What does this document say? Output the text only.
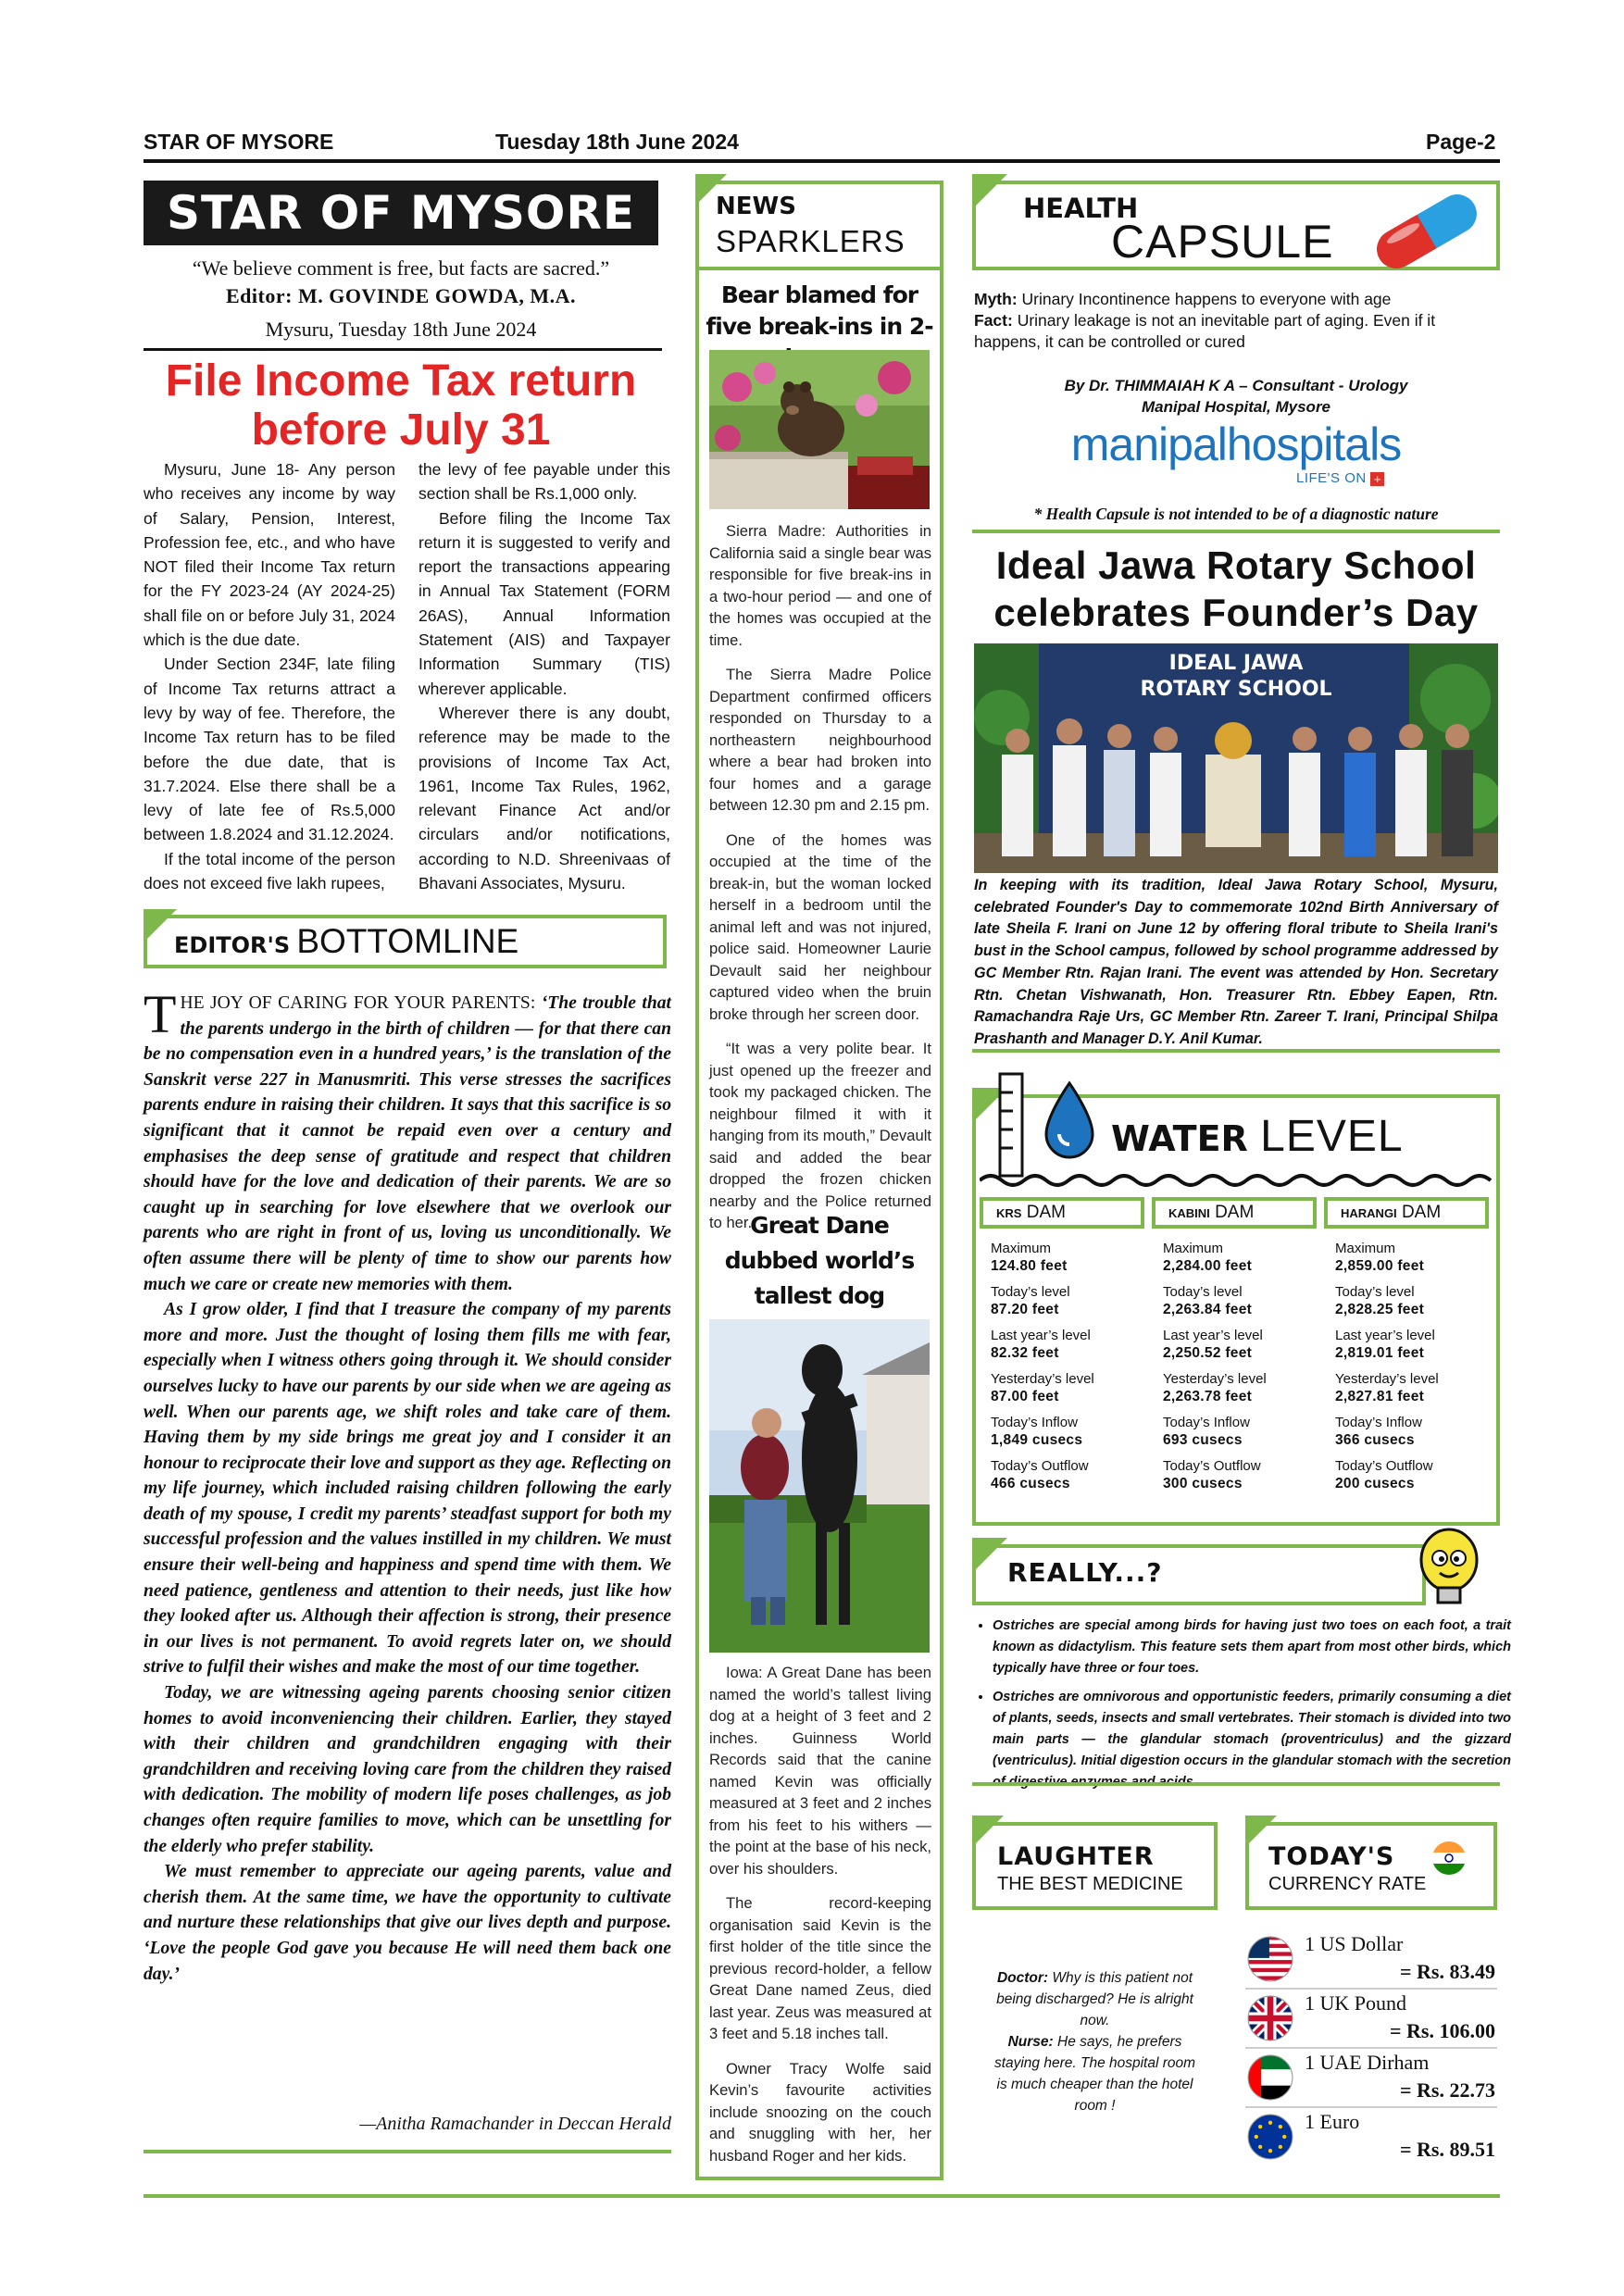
STAR OF MYSORE	Tuesday 18th June 2024	Page-2
STAR OF MYSORE
“We believe comment is free, but facts are sacred.”
Editor: M. GOVINDE GOWDA, M.A.
Mysuru, Tuesday 18th June 2024
File Income Tax return before July 31

Mysuru, June 18- Any person who receives any income by way of Salary, Pension, Interest, Profession fee, etc., and who have NOT filed their Income Tax return for the FY 2023-24 (AY 2024-25) shall file on or before July 31, 2024 which is the due date.

Under Section 234F, late filing of Income Tax returns attract a levy by way of fee. Therefore, the Income Tax return has to be filed before the due date, that is 31.7.2024. Else there shall be a levy of late fee of Rs.5,000 between 1.8.2024 and 31.12.2024.

If the total income of the person does not exceed five lakh rupees,

the levy of fee payable under this section shall be Rs.1,000 only.

Before filing the Income Tax return it is suggested to verify and report the transactions appearing in Annual Tax Statement (FORM 26AS), Annual Information Statement (AIS) and Taxpayer Information Summary (TIS) wherever applicable.

Wherever there is any doubt, reference may be made to the provisions of Income Tax Act, 1961, Income Tax Rules, 1962, relevant Finance Act and/or circulars and/or notifications, according to N.D. Shreenivaas of Bhavani Associates, Mysuru.

EDITOR'S BOTTOMLINE

THE JOY OF CARING FOR YOUR PARENTS: ‘The trouble that the parents undergo in the birth of children — for that there can be no compensation even in a hundred years,’ is the translation of the Sanskrit verse 227 in Manusmriti. This verse stresses the sacrifices parents endure in raising their children. It says that this sacrifice is so significant that it cannot be repaid even over a century and emphasises the deep sense of gratitude and respect that children should have for the love and dedication of their parents. We are so caught up in searching for love elsewhere that we overlook our parents who are right in front of us, loving us unconditionally. We often assume there will be plenty of time to show our parents how much we care or create new memories with them.

As I grow older, I find that I treasure the company of my parents more and more. Just the thought of losing them fills me with fear, especially when I witness others going through it. We should consider ourselves lucky to have our parents by our side when we are ageing as well. When our parents age, we shift roles and take care of them. Having them by my side brings me great joy and I consider it an honour to reciprocate their love and support as they age. Reflecting on my life journey, which included raising children following the early death of my spouse, I credit my parents’ steadfast support for both my successful profession and the values instilled in my children. We must ensure their well-being and happiness and spend time with them. We need patience, gentleness and attention to their needs, just like how they looked after us. Although their affection is strong, their presence in our lives is not permanent. To avoid regrets later on, we should strive to fulfil their wishes and make the most of our time together.

Today, we are witnessing ageing parents choosing senior citizen homes to avoid inconveniencing their children. Earlier, they stayed with their children and grandchildren engaging with their grandchildren and receiving loving care from the children they raised with dedication. The mobility of modern life poses challenges, as job changes often require families to move, which can be unsettling for the elderly who prefer stability.

We must remember to appreciate our ageing parents, value and cherish them. At the same time, we have the opportunity to cultivate and nurture these relationships that give our lives depth and purpose. ‘Love the people God gave you because He will need them back one day.’

—Anitha Ramachander in Deccan Herald
NEWS
SPARKLERS
Bear blamed for five break-ins in 2-

Sierra Madre: Authorities in California said a single bear was responsible for five break-ins in a two-hour period — and one of the homes was occupied at the time.

The Sierra Madre Police Department confirmed officers responded on Thursday to a northeastern neighbourhood where a bear had broken into four homes and a garage between 12.30 pm and 2.15 pm.

One of the homes was occupied at the time of the break-in, but the woman locked herself in a bedroom until the animal left and was not injured, police said. Homeowner Laurie Devault said her neighbour captured video when the bruin broke through her screen door.

“It was a very polite bear. It just opened up the freezer and took my packaged chicken. The neighbour filmed it with it hanging from its mouth,” Devault said and added the bear dropped the frozen chicken nearby and the Police returned to her.

Great Dane dubbed world’s tallest dog

Iowa: A Great Dane has been named the world’s tallest living dog at a height of 3 feet and 2 inches. Guinness World Records said that the canine named Kevin was officially measured at 3 feet and 2 inches from his feet to his withers — the point at the base of his neck, over his shoulders.

The record-keeping organisation said Kevin is the first holder of the title since the previous record-holder, a fellow Great Dane named Zeus, died last year. Zeus was measured at 3 feet and 5.18 inches tall.

Owner Tracy Wolfe said Kevin’s favourite activities include snoozing on the couch and snuggling with her, her husband Roger and her kids.

HEALTH
CAPSULE
Myth: Urinary Incontinence happens to everyone with age
Fact: Urinary leakage is not an inevitable part of aging. Even if it happens, it can be controlled or cured
By Dr. THIMMAIAH K A – Consultant - Urology
Manipal Hospital, Mysore
manipalhospitals
LIFE'S ON +
* Health Capsule is not intended to be of a diagnostic nature
Ideal Jawa Rotary School celebrates Founder’s Day
IDEAL JAWA
ROTARY SCHOOL
In keeping with its tradition, Ideal Jawa Rotary School, Mysuru, celebrated Founder's Day to commemorate 102nd Birth Anniversary of late Sheila F. Irani on June 12 by offering floral tribute to Sheila Irani's bust in the School campus, followed by school programme addressed by GC Member Rtn. Rajan Irani. The event was attended by Hon. Secretary Rtn. Chetan Vishwanath, Hon. Treasurer Rtn. Ebbey Eapen, Rtn. Ramachandra Raje Urs, GC Member Rtn. Zareer T. Irani, Principal Shilpa Prashanth and Manager D.Y. Anil Kumar.
WATER LEVEL
KRS DAM
Maximum
124.80 feet
Today’s level
87.20 feet
Last year’s level
82.32 feet
Yesterday’s level
87.00 feet
Today’s Inflow
1,849 cusecs
Today’s Outflow
466 cusecs
KABINI DAM
Maximum
2,284.00 feet
Today’s level
2,263.84 feet
Last year’s level
2,250.52 feet
Yesterday’s level
2,263.78 feet
Today’s Inflow
693 cusecs
Today’s Outflow
300 cusecs
HARANGI DAM
Maximum
2,859.00 feet
Today’s level
2,828.25 feet
Last year’s level
2,819.01 feet
Yesterday’s level
2,827.81 feet
Today’s Inflow
366 cusecs
Today’s Outflow
200 cusecs
REALLY...?
• Ostriches are special among birds for having just two toes on each foot, a trait known as didactylism. This feature sets them apart from most other birds, which typically have three or four toes.
• Ostriches are omnivorous and opportunistic feeders, primarily consuming a diet of plants, seeds, insects and small vertebrates. Their stomach is divided into two main parts — the glandular stomach (proventriculus) and the gizzard (ventriculus). Initial digestion occurs in the glandular stomach with the secretion
LAUGHTER
THE BEST MEDICINE
Doctor: Why is this patient not being discharged? He is alright now.
Nurse: He says, he prefers staying here. The hospital room is much cheaper than the hotel room !
TODAY'S
CURRENCY RATE
1 US Dollar
= Rs. 83.49
1 UK Pound
= Rs. 106.00
1 UAE Dirham
= Rs. 22.73
1 Euro
= Rs. 89.51
